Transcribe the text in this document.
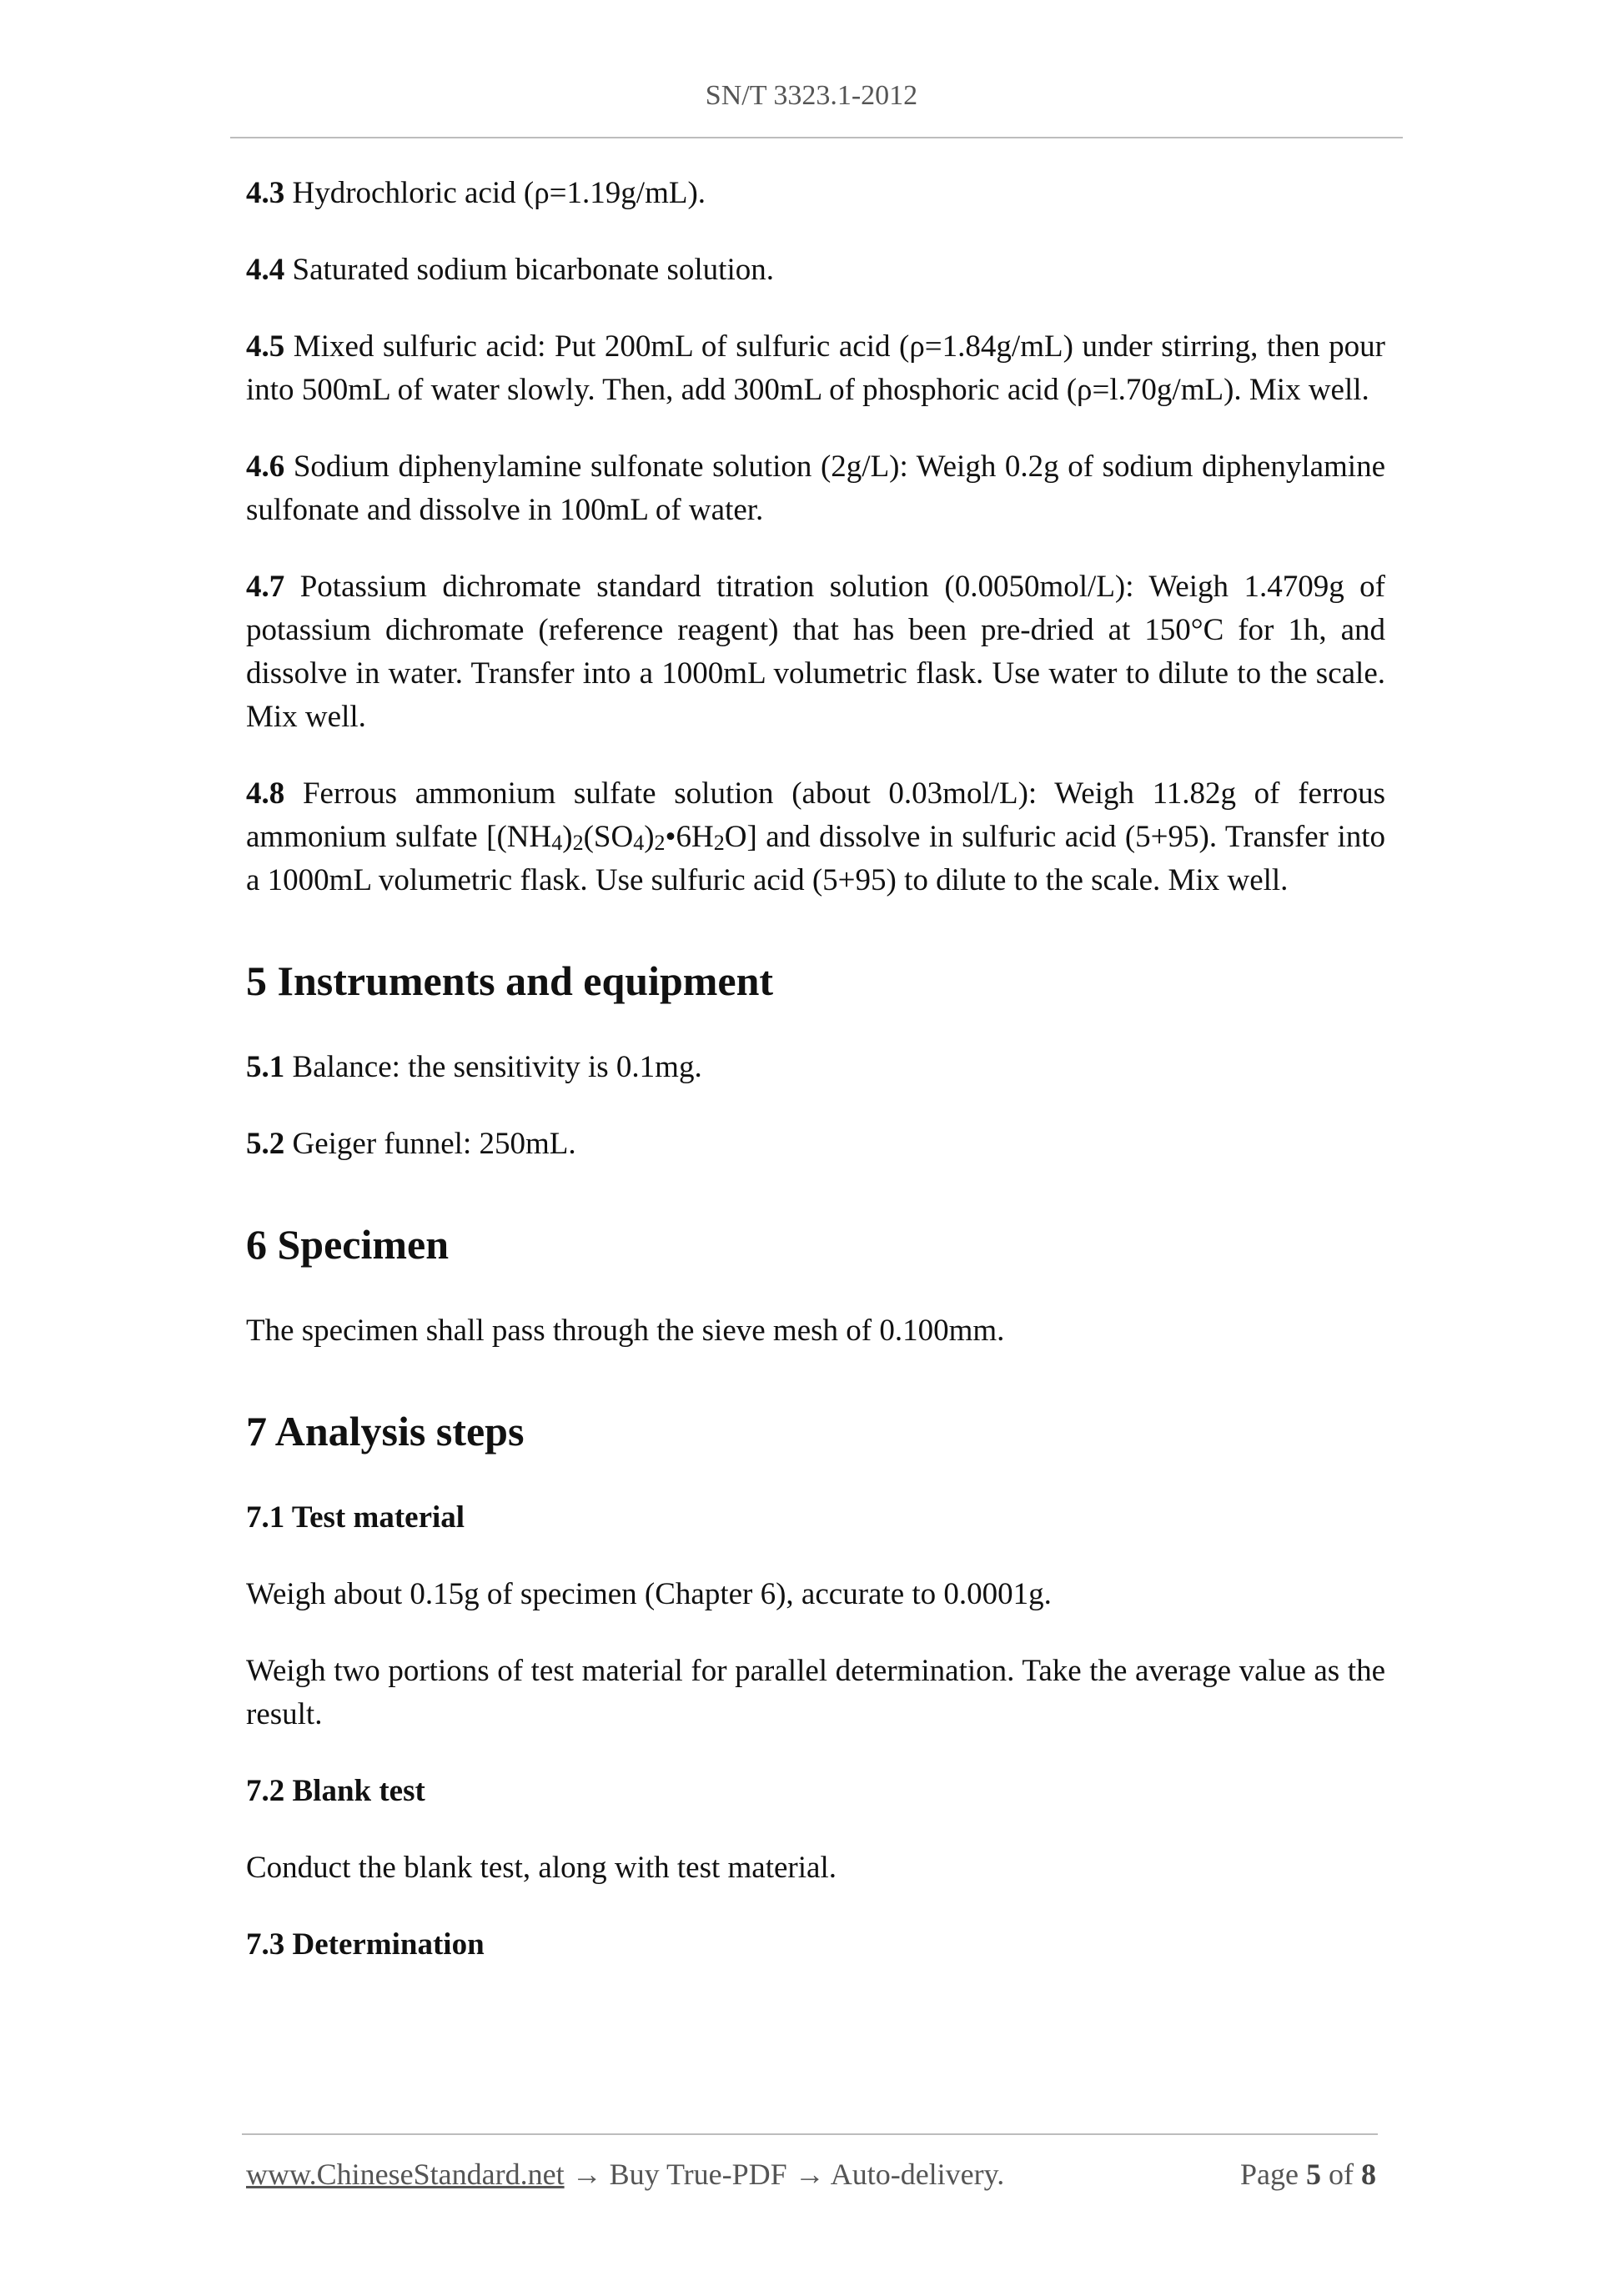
SN/T 3323.1-2012

4.3 Hydrochloric acid (ρ=1.19g/mL).

4.4 Saturated sodium bicarbonate solution.

4.5 Mixed sulfuric acid: Put 200mL of sulfuric acid (ρ=1.84g/mL) under stirring, then pour into 500mL of water slowly. Then, add 300mL of phosphoric acid (ρ=l.70g/mL). Mix well.

4.6 Sodium diphenylamine sulfonate solution (2g/L): Weigh 0.2g of sodium diphenylamine sulfonate and dissolve in 100mL of water.

4.7 Potassium dichromate standard titration solution (0.0050mol/L): Weigh 1.4709g of potassium dichromate (reference reagent) that has been pre-dried at 150°C for 1h, and dissolve in water. Transfer into a 1000mL volumetric flask. Use water to dilute to the scale. Mix well.

4.8 Ferrous ammonium sulfate solution (about 0.03mol/L): Weigh 11.82g of ferrous ammonium sulfate $[(NH_4)_2(SO_4)_2•6H_2O]$ and dissolve in sulfuric acid (5+95). Transfer into a 1000mL volumetric flask. Use sulfuric acid (5+95) to dilute to the scale. Mix well.

5 Instruments and equipment

5.1 Balance: the sensitivity is 0.1mg.

5.2 Geiger funnel: 250mL.

6 Specimen

The specimen shall pass through the sieve mesh of 0.100mm.

7 Analysis steps
7.1 Test material

Weigh about 0.15g of specimen (Chapter 6), accurate to 0.0001g.

Weigh two portions of test material for parallel determination. Take the average value as the result.

7.2 Blank test

Conduct the blank test, along with test material.

7.3 Determination
www.ChineseStandard.net → Buy True-PDF → Auto-delivery.	Page 5 of 8
